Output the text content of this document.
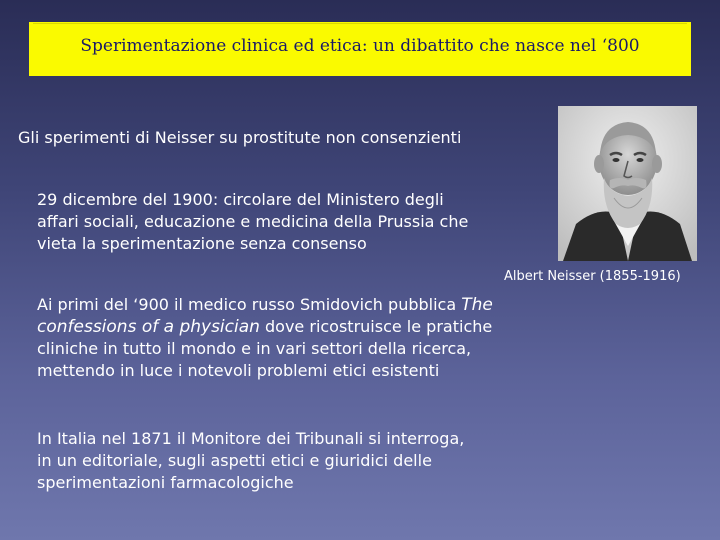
Sperimentazione clinica ed etica: un dibattito che nasce nel ‘800
Gli sperimenti di Neisser su prostitute non consenzienti
29 dicembre del 1900: circolare del Ministero degli affari sociali, educazione e medicina della Prussia che vieta la sperimentazione senza consenso
Ai primi del ‘900 il medico russo Smidovich pubblica The confessions of a physician dove ricostruisce le pratiche cliniche in tutto il mondo e in vari settori della ricerca, mettendo in luce i notevoli problemi etici esistenti
In Italia nel 1871 il Monitore dei Tribunali si interroga, in un editoriale, sugli aspetti etici e giuridici delle sperimentazioni farmacologiche
Albert Neisser (1855-1916)
